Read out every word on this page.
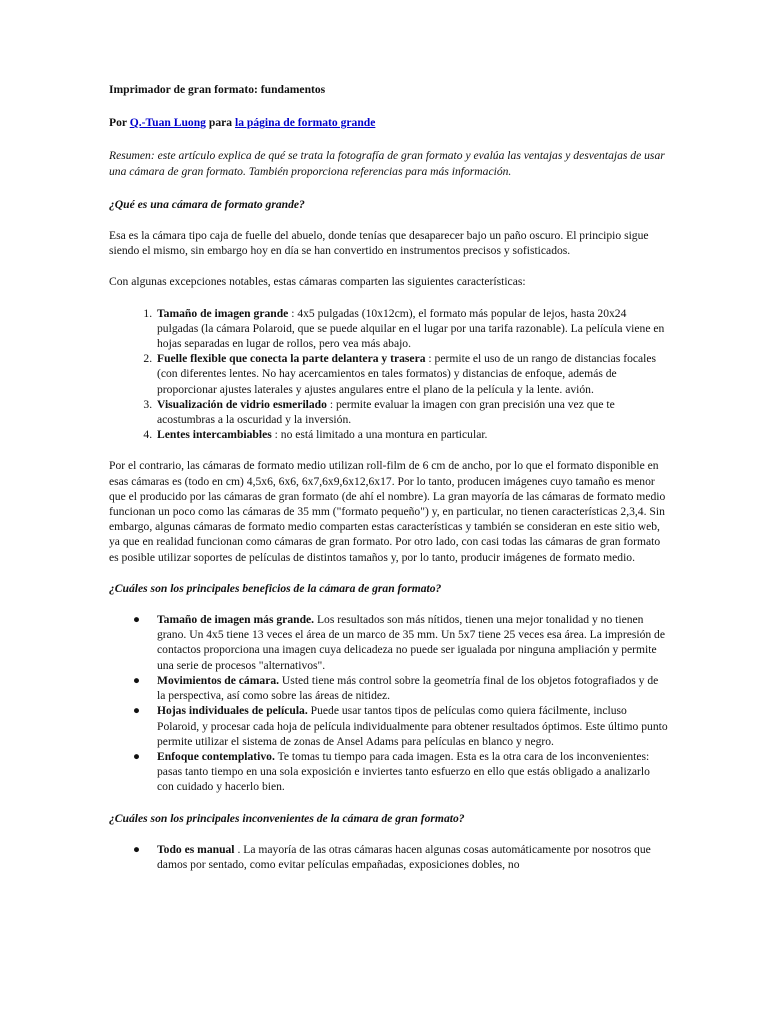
Imprimador de gran formato: fundamentos

Por Q.-Tuan Luong para la página de formato grande

Resumen: este artículo explica de qué se trata la fotografía de gran formato y evalúa las ventajas y desventajas de usar una cámara de gran formato. También proporciona referencias para más información.

¿Qué es una cámara de formato grande?

Esa es la cámara tipo caja de fuelle del abuelo, donde tenías que desaparecer bajo un paño oscuro. El principio sigue siendo el mismo, sin embargo hoy en día se han convertido en instrumentos precisos y sofisticados.

Con algunas excepciones notables, estas cámaras comparten las siguientes características:

1. Tamaño de imagen grande : 4x5 pulgadas (10x12cm), el formato más popular de lejos, hasta 20x24 pulgadas (la cámara Polaroid, que se puede alquilar en el lugar por una tarifa razonable). La película viene en hojas separadas en lugar de rollos, pero vea más abajo.
2. Fuelle flexible que conecta la parte delantera y trasera : permite el uso de un rango de distancias focales (con diferentes lentes. No hay acercamientos en tales formatos) y distancias de enfoque, además de proporcionar ajustes laterales y ajustes angulares entre el plano de la película y la lente. avión.
3. Visualización de vidrio esmerilado : permite evaluar la imagen con gran precisión una vez que te acostumbras a la oscuridad y la inversión.
4. Lentes intercambiables : no está limitado a una montura en particular.

Por el contrario, las cámaras de formato medio utilizan roll-film de 6 cm de ancho, por lo que el formato disponible en esas cámaras es (todo en cm) 4,5x6, 6x6, 6x7,6x9,6x12,6x17. Por lo tanto, producen imágenes cuyo tamaño es menor que el producido por las cámaras de gran formato (de ahí el nombre). La gran mayoría de las cámaras de formato medio funcionan un poco como las cámaras de 35 mm ("formato pequeño") y, en particular, no tienen características 2,3,4. Sin embargo, algunas cámaras de formato medio comparten estas características y también se consideran en este sitio web, ya que en realidad funcionan como cámaras de gran formato. Por otro lado, con casi todas las cámaras de gran formato es posible utilizar soportes de películas de distintos tamaños y, por lo tanto, producir imágenes de formato medio.

¿Cuáles son los principales beneficios de la cámara de gran formato?

● Tamaño de imagen más grande. Los resultados son más nítidos, tienen una mejor tonalidad y no tienen grano. Un 4x5 tiene 13 veces el área de un marco de 35 mm. Un 5x7 tiene 25 veces esa área. La impresión de contactos proporciona una imagen cuya delicadeza no puede ser igualada por ninguna ampliación y permite una serie de procesos "alternativos".
● Movimientos de cámara. Usted tiene más control sobre la geometría final de los objetos fotografiados y de la perspectiva, así como sobre las áreas de nitidez.
● Hojas individuales de película. Puede usar tantos tipos de películas como quiera fácilmente, incluso Polaroid, y procesar cada hoja de película individualmente para obtener resultados óptimos. Este último punto permite utilizar el sistema de zonas de Ansel Adams para películas en blanco y negro.
● Enfoque contemplativo. Te tomas tu tiempo para cada imagen. Esta es la otra cara de los inconvenientes: pasas tanto tiempo en una sola exposición e inviertes tanto esfuerzo en ello que estás obligado a analizarlo con cuidado y hacerlo bien.

¿Cuáles son los principales inconvenientes de la cámara de gran formato?

● Todo es manual . La mayoría de las otras cámaras hacen algunas cosas automáticamente por nosotros que damos por sentado, como evitar películas empañadas, exposiciones dobles, no
